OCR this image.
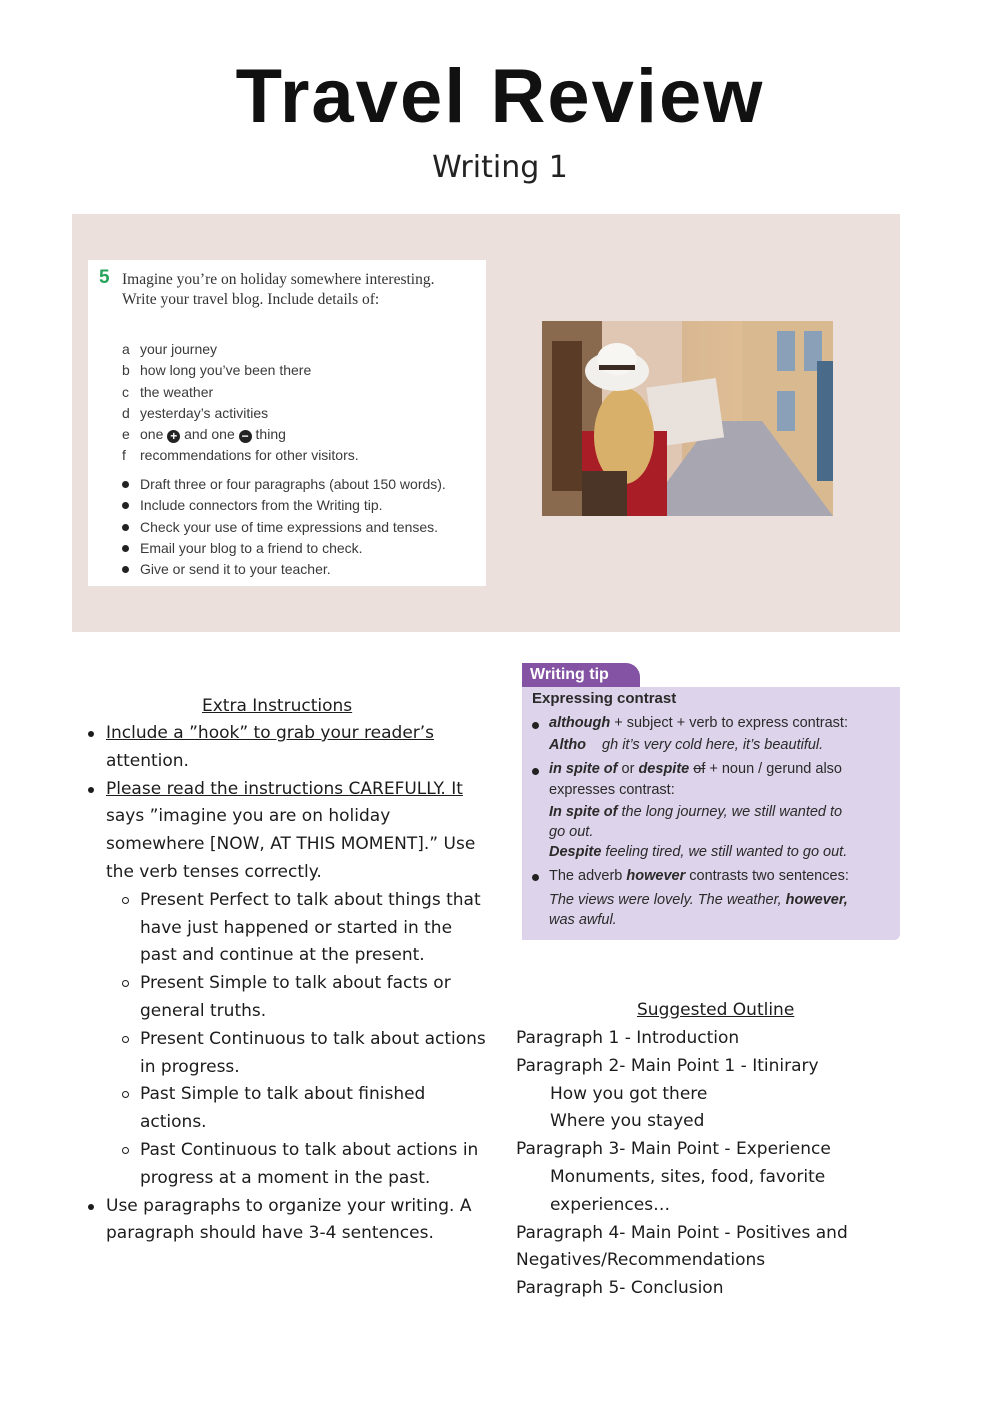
Travel Review
Writing 1
5 Imagine you’re on holiday somewhere interesting. Write your travel blog. Include details of:
a your journey
b how long you’ve been there
c the weather
d yesterday’s activities
e one + and one − thing
f recommendations for other visitors.
Draft three or four paragraphs (about 150 words).
Include connectors from the Writing tip.
Check your use of time expressions and tenses.
Email your blog to a friend to check.
Give or send it to your teacher.
Writing tip
Expressing contrast
although + subject + verb to express contrast:
Altho gh it’s very cold here, it’s beautiful.
in spite of or despite of + noun / gerund also
expresses contrast:
In spite of the long journey, we still wanted to
go out.
Despite feeling tired, we still wanted to go out.
The adverb however contrasts two sentences:
The views were lovely. The weather, however,
was awful.
Extra Instructions
Include a ”hook” to grab your reader’s attention.
Please read the instructions CAREFULLY. It says ”imagine you are on holiday somewhere [NOW, AT THIS MOMENT].” Use the verb tenses correctly.
Present Perfect to talk about things that have just happened or started in the past and continue at the present.
Present Simple to talk about facts or general truths.
Present Continuous to talk about actions in progress.
Past Simple to talk about finished actions.
Past Continuous to talk about actions in progress at a moment in the past.
Use paragraphs to organize your writing. A paragraph should have 3-4 sentences.
Suggested Outline
Paragraph 1 - Introduction
Paragraph 2- Main Point 1 - Itinirary
How you got there
Where you stayed
Paragraph 3- Main Point - Experience
Monuments, sites, food, favorite experiences…
Paragraph 4- Main Point - Positives and Negatives/Recommendations
Paragraph 5- Conclusion
